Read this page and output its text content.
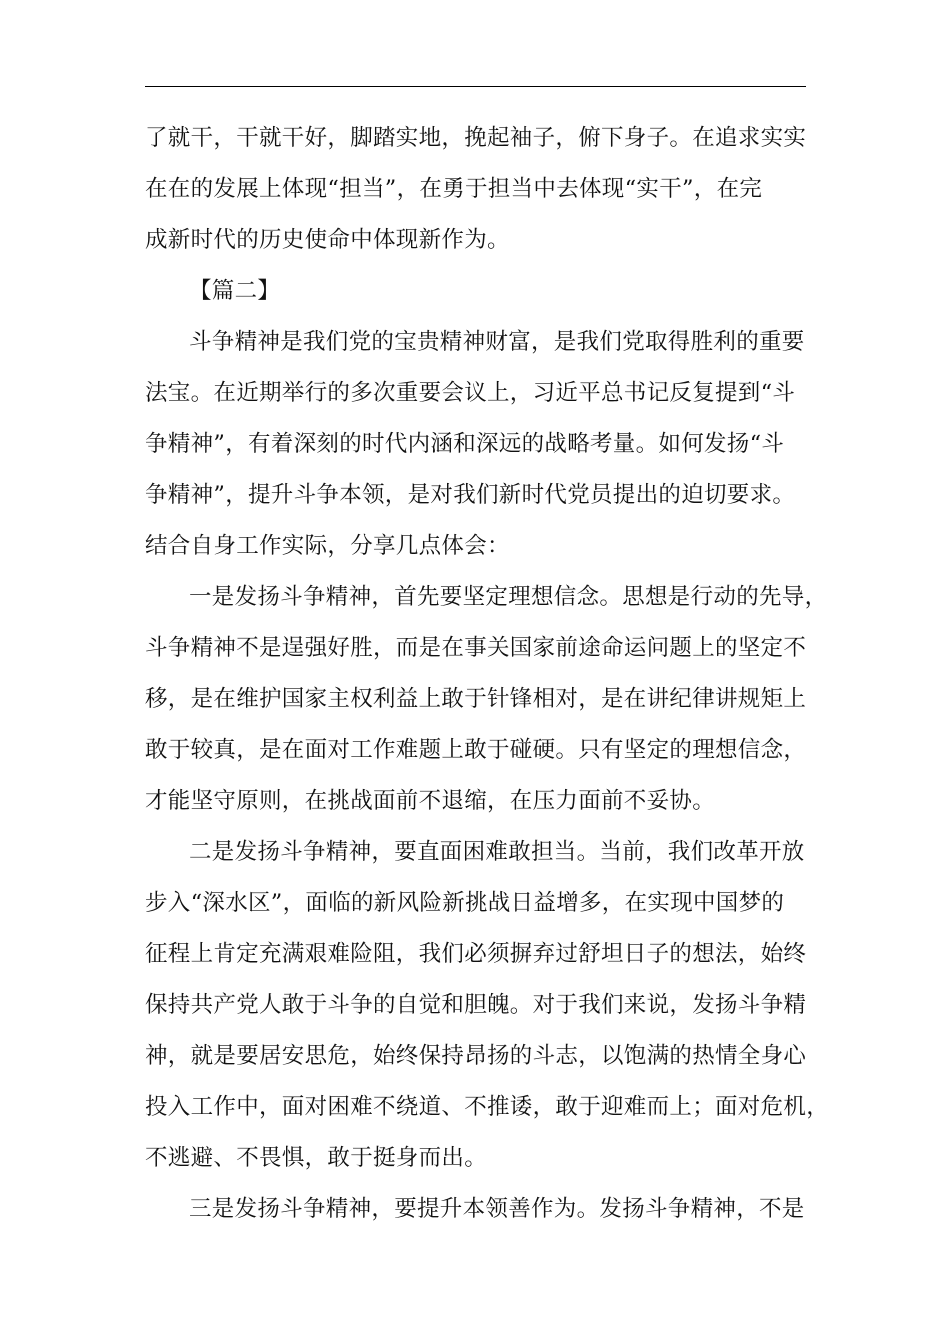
了就干，干就干好，脚踏实地，挽起袖子，俯下身子。在追求实实
在在的发展上体现“担当”，在勇于担当中去体现“实干”，在完
成新时代的历史使命中体现新作为。
【篇二】
斗争精神是我们党的宝贵精神财富，是我们党取得胜利的重要
法宝。在近期举行的多次重要会议上，习近平总书记反复提到“斗
争精神”，有着深刻的时代内涵和深远的战略考量。如何发扬“斗
争精神”，提升斗争本领，是对我们新时代党员提出的迫切要求。
结合自身工作实际，分享几点体会：
一是发扬斗争精神，首先要坚定理想信念。思想是行动的先导，
斗争精神不是逞强好胜，而是在事关国家前途命运问题上的坚定不
移，是在维护国家主权利益上敢于针锋相对，是在讲纪律讲规矩上
敢于较真，是在面对工作难题上敢于碰硬。只有坚定的理想信念，
才能坚守原则，在挑战面前不退缩，在压力面前不妥协。
二是发扬斗争精神，要直面困难敢担当。当前，我们改革开放
步入“深水区”，面临的新风险新挑战日益增多，在实现中国梦的
征程上肯定充满艰难险阻，我们必须摒弃过舒坦日子的想法，始终
保持共产党人敢于斗争的自觉和胆魄。对于我们来说，发扬斗争精
神，就是要居安思危，始终保持昂扬的斗志，以饱满的热情全身心
投入工作中，面对困难不绕道、不推诿，敢于迎难而上；面对危机，
不逃避、不畏惧，敢于挺身而出。
三是发扬斗争精神，要提升本领善作为。发扬斗争精神，不是
